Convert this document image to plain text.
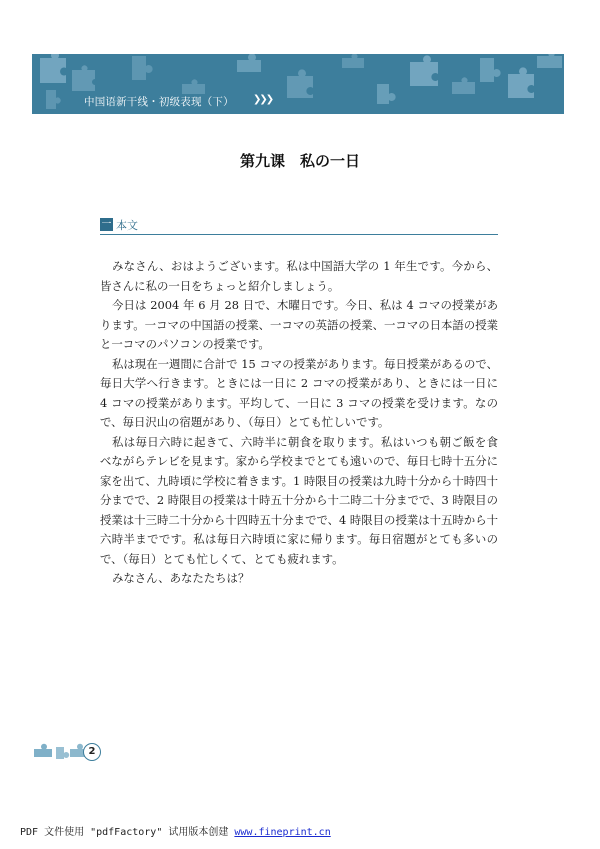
中国语新干线・初级表现（下） ❯❯❯
第九课　私の一日
一 本文

みなさん、おはようございます。私は中国語大学の 1 年生です。今から、皆さんに私の一日をちょっと紹介しましょう。

今日は 2004 年 6 月 28 日で、木曜日です。今日、私は 4 コマの授業があります。一コマの中国語の授業、一コマの英語の授業、一コマの日本語の授業と一コマのパソコンの授業です。

私は現在一週間に合計で 15 コマの授業があります。毎日授業があるので、毎日大学へ行きます。ときには一日に 2 コマの授業があり、ときには一日に 4 コマの授業があります。平均して、一日に 3 コマの授業を受けます。なので、毎日沢山の宿題があり、（毎日）とても忙しいです。

私は毎日六時に起きて、六時半に朝食を取ります。私はいつも朝ご飯を食べながらテレビを見ます。家から学校までとても遠いので、毎日七時十五分に家を出て、九時頃に学校に着きます。1 時限目の授業は九時十分から十時四十分までで、2 時限目の授業は十時五十分から十二時二十分までで、3 時限目の授業は十三時二十分から十四時五十分までで、4 時限目の授業は十五時から十六時半までです。私は毎日六時頃に家に帰ります。毎日宿題がとても多いので、（毎日）とても忙しくて、とても疲れます。

みなさん、あなたたちは？

2
PDF 文件使用 "pdfFactory" 试用版本创建 www.fineprint.cn
